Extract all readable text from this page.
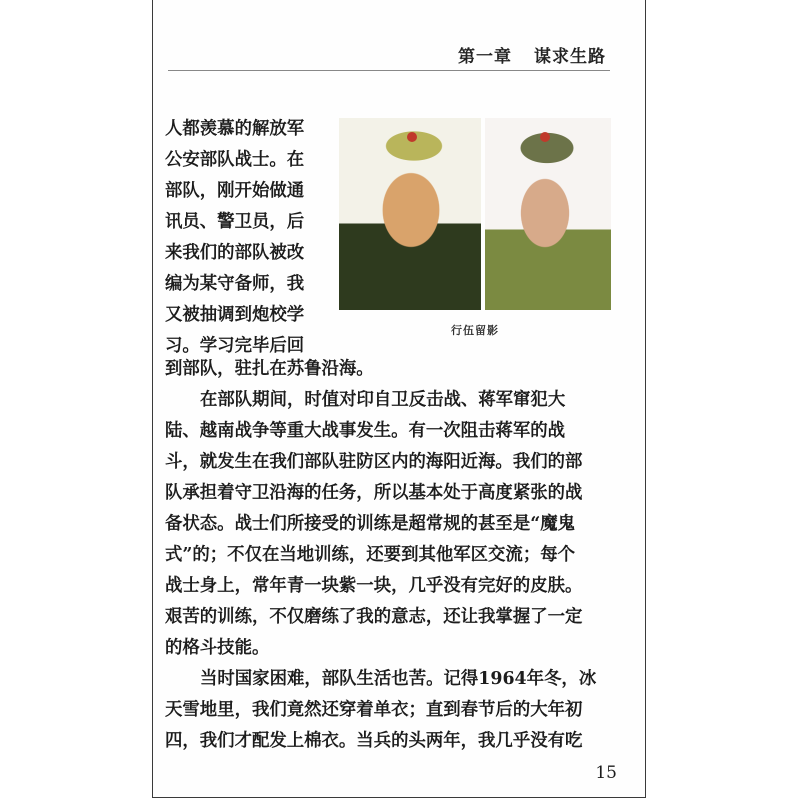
第一章 谋求生路
人都羡慕的解放军
公安部队战士。在
部队，刚开始做通
讯员、警卫员，后
来我们的部队被改
编为某守备师，我
又被抽调到炮校学
习。学习完毕后回
行伍留影
到部队，驻扎在苏鲁沿海。
在部队期间，时值对印自卫反击战、蒋军窜犯大
陆、越南战争等重大战事发生。有一次阻击蒋军的战
斗，就发生在我们部队驻防区内的海阳近海。我们的部
队承担着守卫沿海的任务，所以基本处于高度紧张的战
备状态。战士们所接受的训练是超常规的甚至是“魔鬼
式”的；不仅在当地训练，还要到其他军区交流；每个
战士身上，常年青一块紫一块，几乎没有完好的皮肤。
艰苦的训练，不仅磨练了我的意志，还让我掌握了一定
的格斗技能。
当时国家困难，部队生活也苦。记得1964年冬，冰
天雪地里，我们竟然还穿着单衣；直到春节后的大年初
四，我们才配发上棉衣。当兵的头两年，我几乎没有吃
15
